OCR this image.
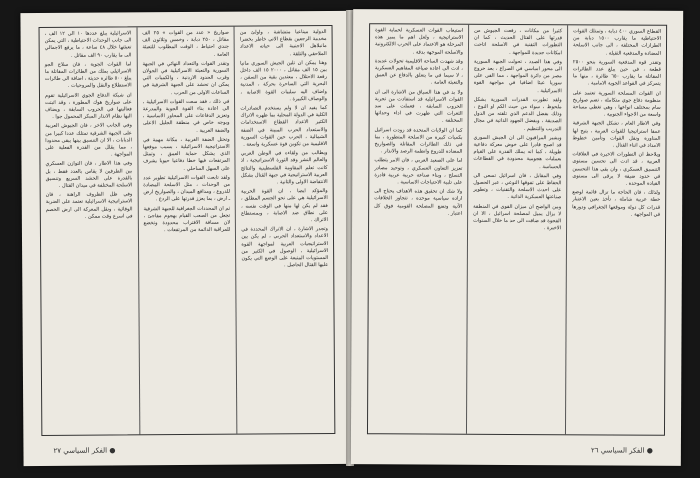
الدولية ميناعبا متشاشة ، واولئ من مخدمة الرجعين بقطاع الاتي خاطر بخضرا مانبلاهل الاجنبية الى حياته الاعداد الملاحقي والتلقة .

وهنا يمكن ان تلين الجيش السوري مانيا بين ١٥ الف مقاتل ، ٢٠٠٠ ١٥ الف داخل رقعة الاحتلال ، معتدين بقية من السفن ، البحرية التي الساحرة بحركة ، المدنية واضاف اليه سلبيات القوة الاصابة ، والوصاف الكبيرة .

كما يفيد ان لا ولم يستخدم التصادرات الكلية في الدولة المحلية بما ظهره الاتراك الكثير الاعداد القطاع الاستخدامات والاستعداد الحرب المبينة في الضفة الشمالية ، الحرب حين القوات السورية الاقليمية من تكوين قوة عسكرية واسعة .

ويطالب من ولقاءه في الوطن العربي والعالم النشر وقد الثورة الاستراتيجية ، اذ كانت تعلم المقاومة الفلسطينية والنتائج العربية الاستراتيجية في جبهة القتال بشكل الانتفاضة الاولى والثانية .

والمؤكد ايضا ، ان القوة الحربية الاسرائيلية هي على نحو الجسم المطلق ، فقد لم يكن لها منها في الوقت نفسه ، على نطاق ضد الاصابة ، وبمستطاع الاتراك .

وتجدر الاشارة ، ان الاتراك المحددة في الاعداد والاستعداد الحربي ، لم يكن بين الاستراتيجيات العربية لمواجهة القوة الاسرائيلية ، الوصول في الكثير من المستويات المتبعة على الوضع التي يكون عليها القتال الحاصل .

صواريخ « عدد من القوات » ٢٥ الف مقاتل ، ٢٥٠ دبابة ، وخمس وثلاثون الف جندي احتياط ، الوقت المطلوب للتعبئة العامة .

وتقدر القوات والتعداد النهائي في الجبهة السورية والتعبئة الاسرائيلية في الجولان وقرب الحدود الاردنية ، والكميات التي يمكن ان تحشد على الجبهة الشرقية في الساعات الاولى من الحرب .

في ذلك ، فقد سعت القوات الاسرائيلية ، الى اعادة بناء القوة الجوية والمدرعة وتعزيز الدفاعات على المحاور الاساسية ، وبوجه خاص في منطقة الجليل الاعلى والضفة الغربية .

وتحتل الضفة الغربية ، مكانة مهمة في الاستراتيجية الاسرائيلية ، بسبب موقعها الذي يشكل حماية العمق ، وتمثل المرتفعات فيها خطا دفاعيا حيويا يشرف على السهل الساحلي .

ولقد تابعت القوات الاسرائيلية تطوير عدد من الوحدات ، مثل الاسلحة المضادة للدروع ، ومدافع الميدان ، والصواريخ ارض ـ ارض ، بما يعزز قدرتها على الردع .

ثم ان المحددات الجغرافية للجبهة الشرقية تجعل من الصعب القيام بهجوم مفاجئ ، لان مسافة الاقتراب محدودة وتخضع للمراقبة الدائمة من المرتفعات .

الاسرائيلية يبلغ عددها ١٠ الى ١٢ الف ، الى جانب الوحدات الاحتياطية ، التي يمكن تعبئتها خلال ٤٨ ساعة ، ما يرفع الاجمالي الى ما يقارب ٩٠ الف مقاتل .

اما القوات الجوية ، فان سلاح الجو الاسرائيلي يملك من الطائرات المقاتلة ما يبلغ ٥٠٠ طائرة حديثة ، اضافة الى طائرات الاستطلاع والنقل والمروحيات .

ان شبكة الدفاع الجوي الاسرائيلية تقوم على صواريخ هوك المطورة ، وقد اثبتت فعاليتها في الحروب السابقة ، ويضاف اليها نظام الانذار المبكر المحمول جوا .

وفي الجانب الاخر ، فان الجيوش العربية على الجبهة الشرقية تمتلك عددا كبيرا من الدبابات ، الا ان التنسيق بينها يبقى محدودا ، مما يقلل من القدرة الفعلية على المواجهة .

وفي هذا الاطار ، فان التوازن العسكري بين الطرفين لا يقاس بالعدد فقط ، بل بالقدرة على الحشد السريع وتنسيق الاسلحة المختلفة في ميدان القتال .

وفي ظل الظروف الراهنة ، فان الاستراتيجية الاسرائيلية تعتمد على الضربة الوقائية ، ونقل المعركة الى ارض الخصم في اسرع وقت ممكن .

● الفكر السياسي ٢٧

القطاع السوري ٤٠٠ دبابة ، وتمتلك القوات الاحتياطية ما يقارب ١٥٠٠ دبابة من الطرازات المختلفة ، الى جانب الاسلحة المضادة والمدفعية الثقيلة .

وتقدر قوة المدفعية السورية بنحو ٢٥٠٠ قطعة ، في حين يبلغ عدد الطائرات المقاتلة ما يقارب ٦٥٠ طائرة ، منها ما يتمركز في القواعد الجوية الامامية .

ان القوات المسلحة السورية تعتمد على منظومة دفاع جوي متكاملة ، تضم صواريخ سام بمختلف انواعها ، وهي تغطي مساحة واسعة من الاجواء الجنوبية .

وفي الاطار العام ، تشكل الجبهة الشرقية عمقا استراتيجيا للقوات العربية ، يتيح لها المناورة ونقل القوات وتأمين خطوط الامداد في اثناء القتال .

ويلاحظ ان التطورات الاخيرة في العلاقات العربية ، قد ادت الى تحسين مستوى التنسيق العسكري ، وان بقي هذا التحسين في حدود ضيقة لا يرقى الى مستوى القيادة الموحدة .

ولذلك ، فان الحاجة ما تزال قائمة لوضع خطة عربية شاملة ، تأخذ بعين الاعتبار قدرات كل دولة وموقعها الجغرافي ودورها في المواجهة .

كثيرا من مكانات ، رفعت الجيوش من قدرتها على القتال الحديث ، كما ان التطورات التقنية في الاسلحة اتاحت امكانات جديدة للمواجهة .

وفي هذا الصدد ، تحولت الجبهة السورية الى محور اساسي في الصراع ، بعد خروج مصر من دائرة المواجهة ، مما القى على سوريا عبئا اضافيا في مواجهة القوة الاسرائيلية .

ولقد تطورت القدرات السورية بشكل ملحوظ ، سواء من حيث الكم او النوع ، وذلك بفضل الدعم الذي تلقته من الدول الصديقة ، وبفضل الجهود الذاتية في مجال التدريب والتنظيم .

ويشير المراقبون الى ان الجيش السوري قد اصبح قادرا على خوض معركة دفاعية طويلة ، كما انه يملك القدرة على القيام بعمليات هجومية محدودة في القطاعات الحساسة .

وفي المقابل ، فان اسرائيل تسعى الى الحفاظ على تفوقها النوعي ، عبر الحصول على احدث الاسلحة والتقنيات ، وتطوير صناعتها العسكرية الذاتية .

ومن الواضح ان ميزان القوى في المنطقة لا يزال يميل لمصلحة اسرائيل ، الا ان الفجوة قد ضاقت الى حد ما خلال السنوات الاخيرة .

استيعاب القوات العسكرية لحماية القوة الاستراتيجية ، ولعل اهم ما يميز هذه المرحلة هو الاعتماد على الحرب الالكترونية والاسلحة الموجهة بدقة .

وقد شهدت الساحة الاقليمية تحولات عديدة ، ادت الى اعادة صياغة المفاهيم العسكرية ، لا سيما في ما يتعلق بالدفاع عن العمق والتعبئة العامة .

ولا بد في هذا السياق من الاشارة الى ان القوات الاسرائيلية قد استفادت من تجربة الحروب السابقة ، فعملت على سد الثغرات التي ظهرت في اداء وحداتها المختلفة .

كما ان الولايات المتحدة قد زودت اسرائيل بكميات كبيرة من الاسلحة المتطورة ، بما في ذلك الطائرات المقاتلة والصواريخ المضادة للدروع وانظمة الرصد والانذار .

اما على الصعيد العربي ، فان الامر يتطلب تعزيز التعاون العسكري ، وتوحيد مصادر التسلح ، وبناء صناعة حربية عربية قادرة على تلبية الاحتياجات الاساسية .

ولا شك ان تحقيق هذه الاهداف يحتاج الى ارادة سياسية موحدة ، تتجاوز الخلافات الآنية وتضع المصلحة القومية فوق كل اعتبار .

● الفكر السياسي ٢٦
